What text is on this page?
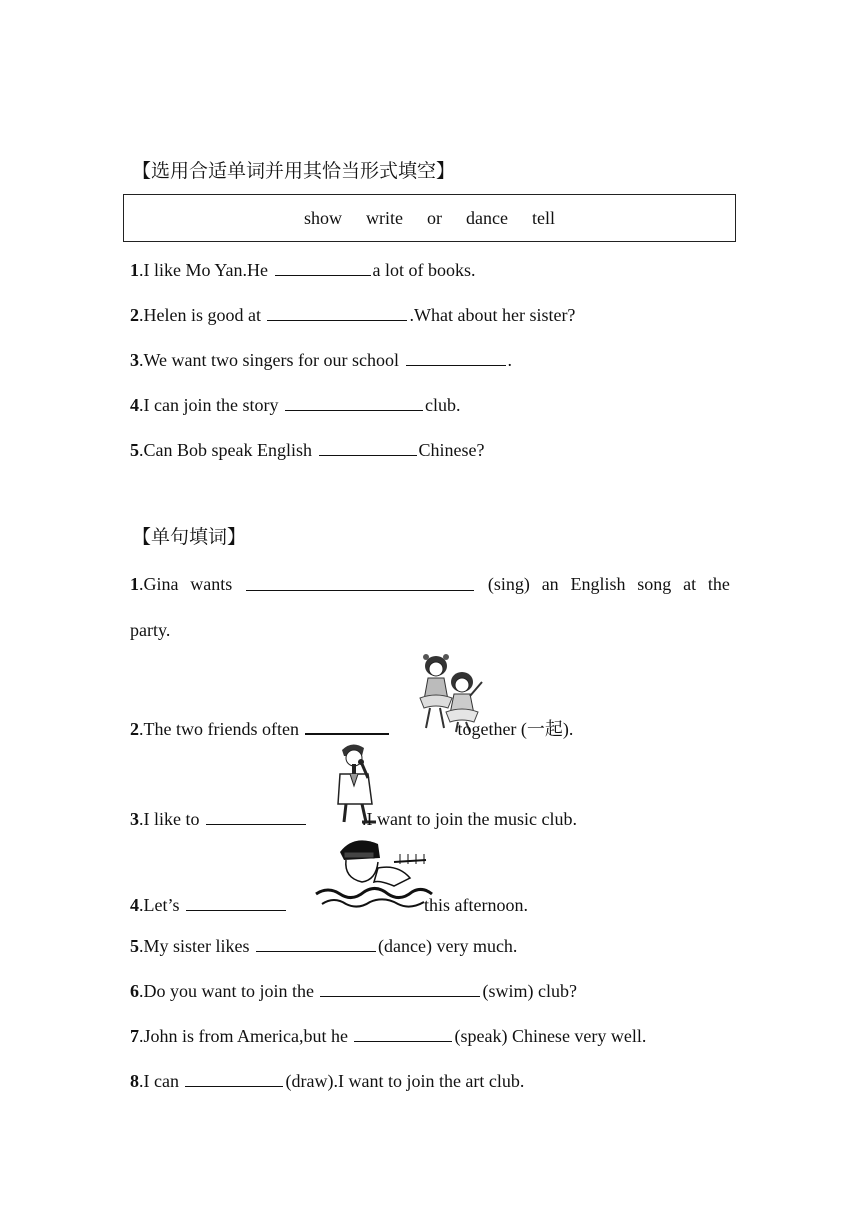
【选用合适单词并用其恰当形式填空】
show write or dance tell
1.I like Mo Yan.He	a lot of books.
2.Helen is good at	.What about her sister?
3.We want two singers for our school	.
4.I can join the story	club.
5.Can Bob speak English	Chinese?
【单句填词】
1.Gina wants	(sing) an English song at the
party.
2.The two friends often	together (一起).
3.I like to	.I want to join the music club.
4.Let’s	this afternoon.
5.My sister likes	(dance) very much.
6.Do you want to join the	(swim) club?
7.John is from America,but he	(speak) Chinese very well.
8.I can	(draw).I want to join the art club.
